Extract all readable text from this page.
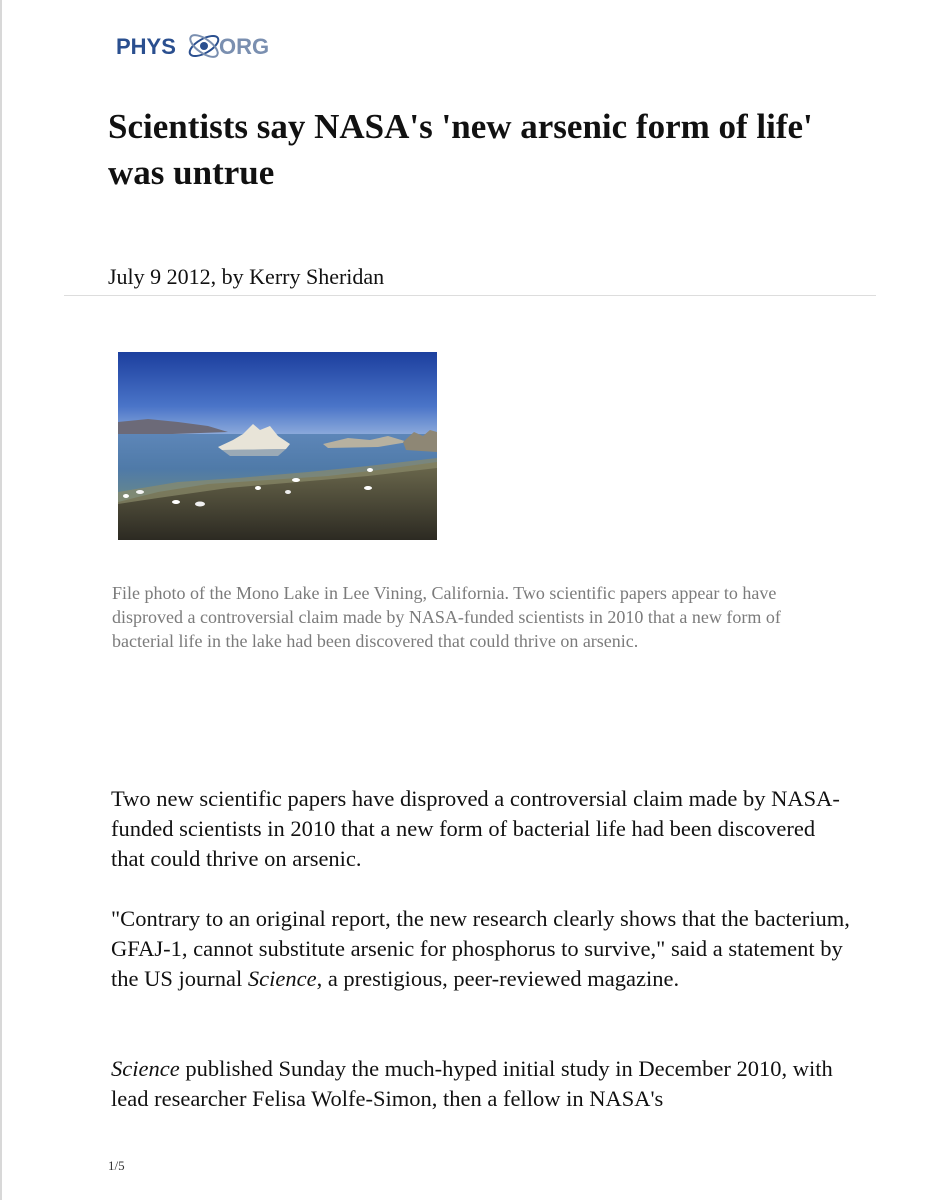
PHYS ORG
Scientists say NASA's 'new arsenic form of life' was untrue
July 9 2012, by Kerry Sheridan

File photo of the Mono Lake in Lee Vining, California. Two scientific papers appear to have disproved a controversial claim made by NASA-funded scientists in 2010 that a new form of bacterial life in the lake had been discovered that could thrive on arsenic.

Two new scientific papers have disproved a controversial claim made by NASA-funded scientists in 2010 that a new form of bacterial life had been discovered that could thrive on arsenic.

"Contrary to an original report, the new research clearly shows that the bacterium, GFAJ-1, cannot substitute arsenic for phosphorus to survive," said a statement by the US journal Science, a prestigious, peer-reviewed magazine.

Science published Sunday the much-hyped initial study in December 2010, with lead researcher Felisa Wolfe-Simon, then a fellow in NASA's

1/5
